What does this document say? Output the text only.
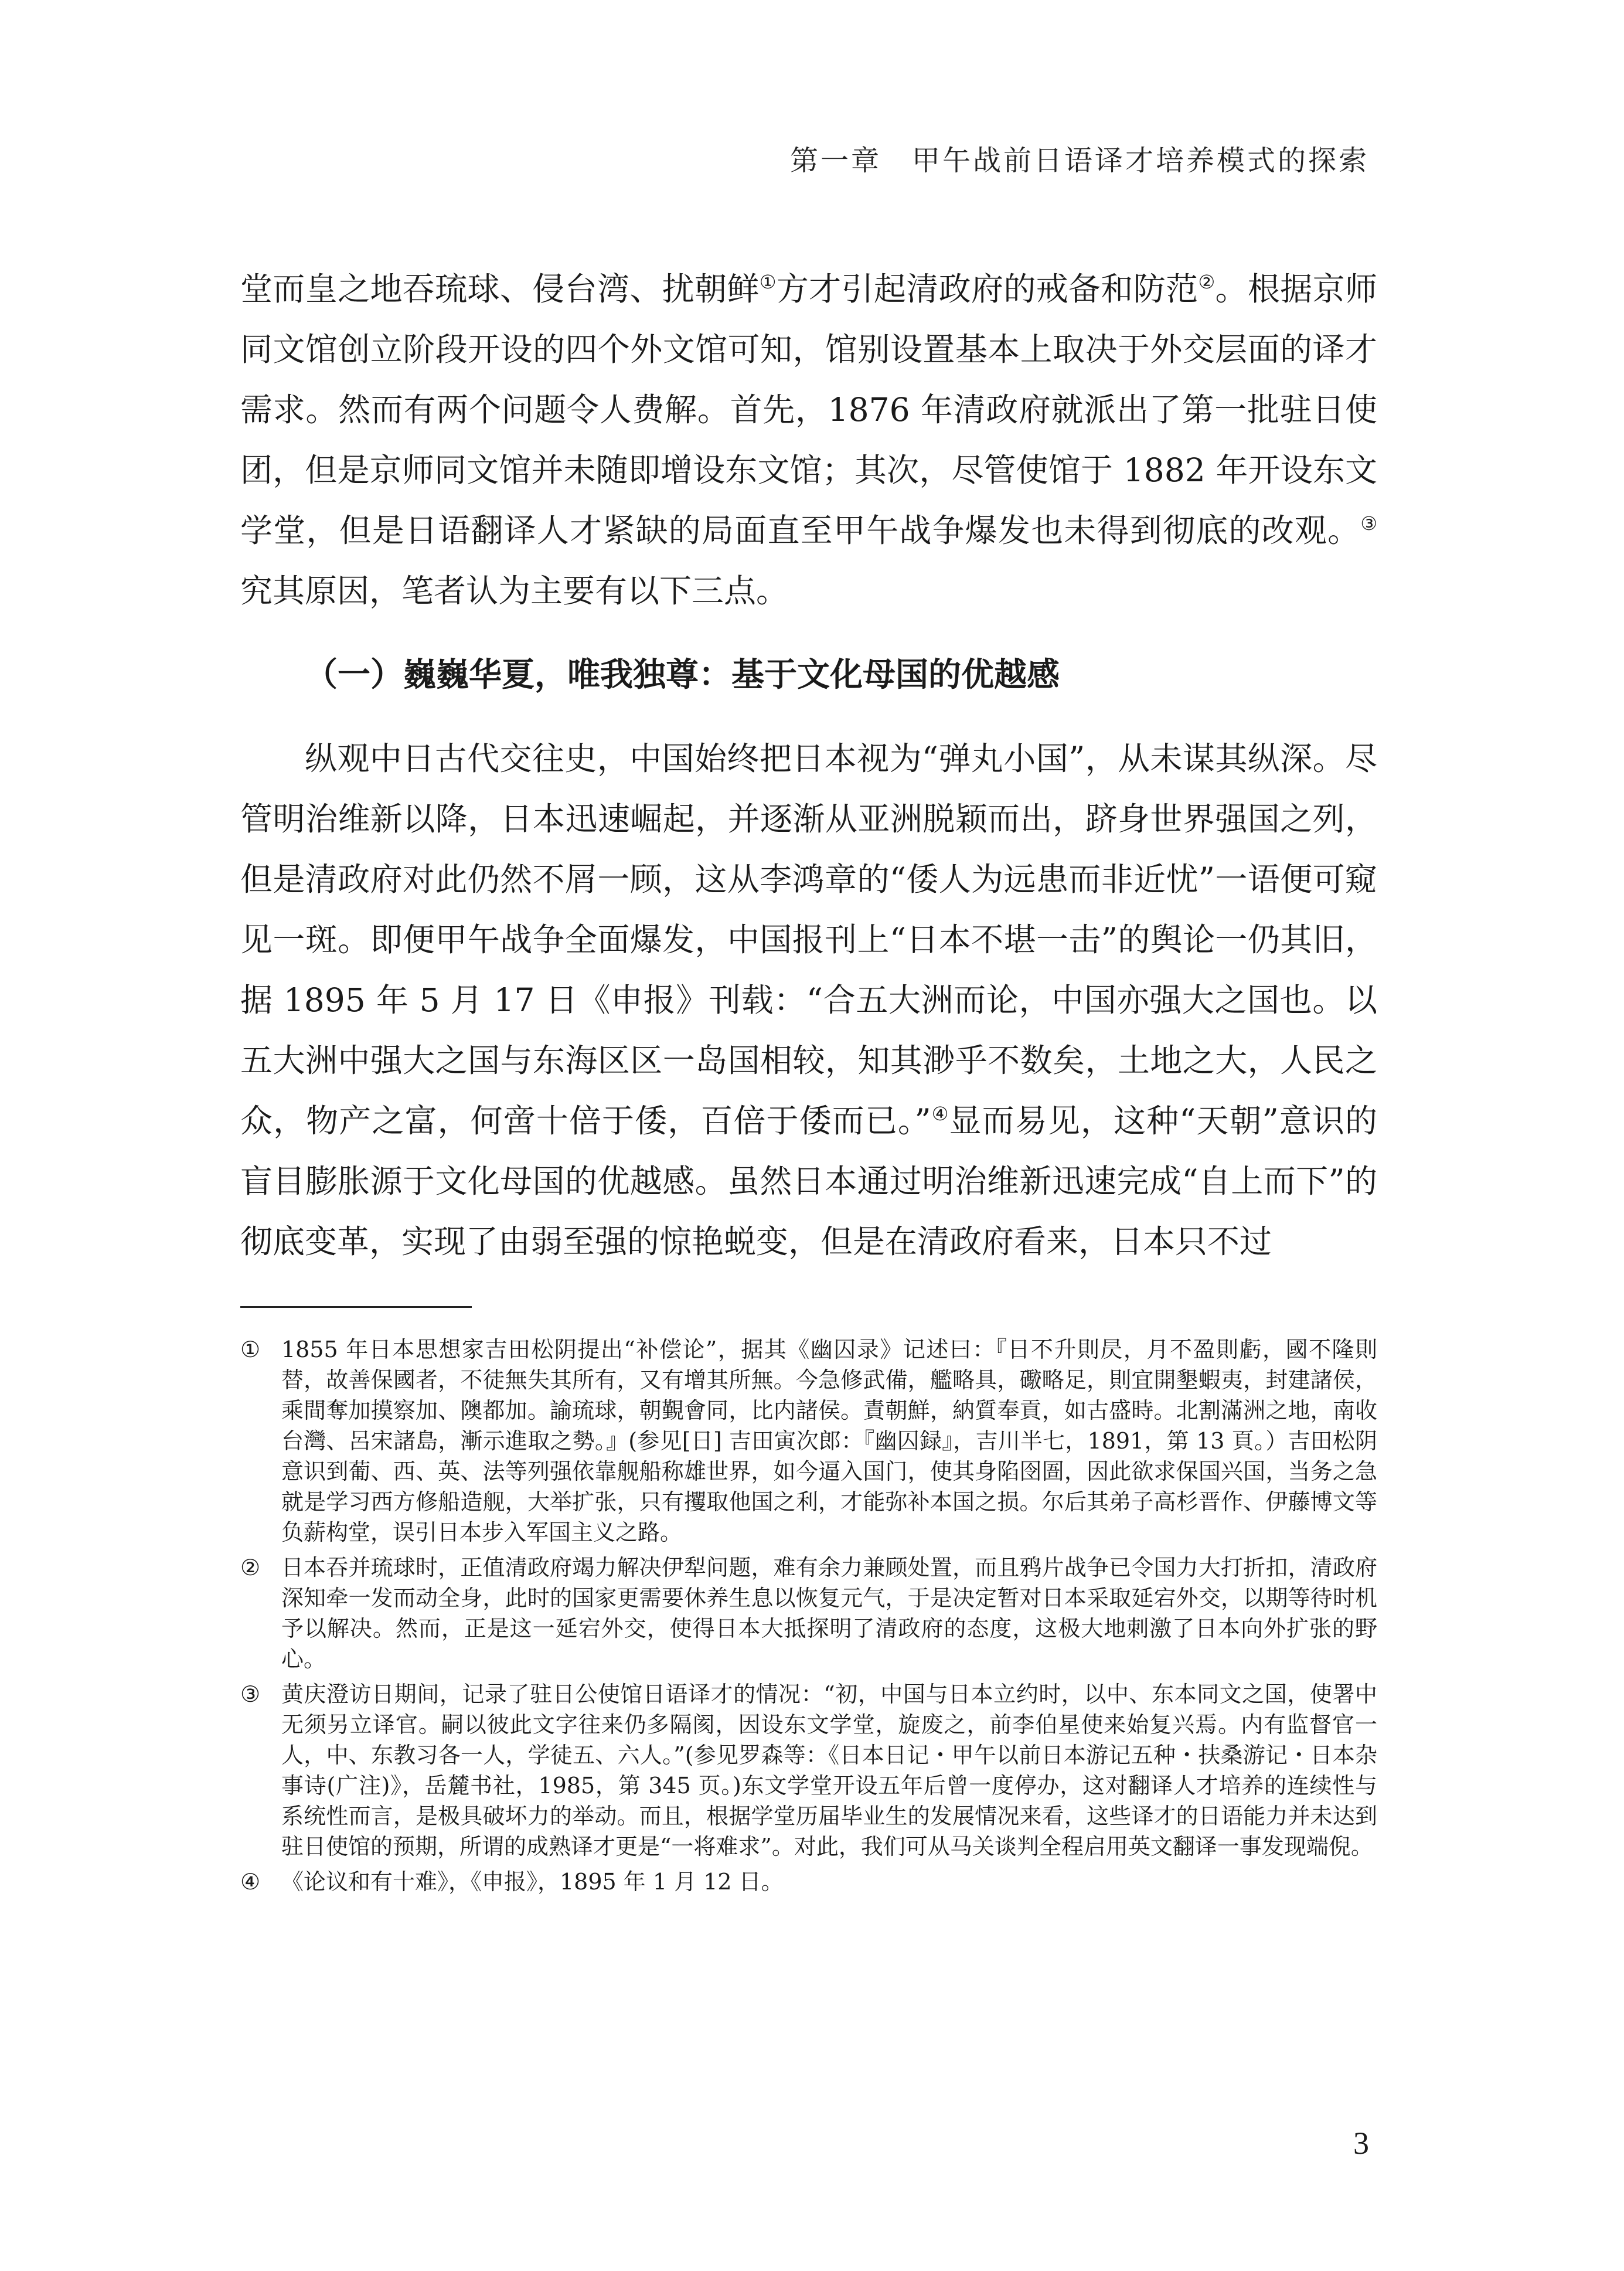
第一章　甲午战前日语译才培养模式的探索

堂而皇之地吞琉球、侵台湾、扰朝鲜①方才引起清政府的戒备和防范②。根据京师同文馆创立阶段开设的四个外文馆可知，馆别设置基本上取决于外交层面的译才需求。然而有两个问题令人费解。首先，1876 年清政府就派出了第一批驻日使团，但是京师同文馆并未随即增设东文馆；其次，尽管使馆于 1882 年开设东文学堂，但是日语翻译人才紧缺的局面直至甲午战争爆发也未得到彻底的改观。③ 究其原因，笔者认为主要有以下三点。

（一）巍巍华夏，唯我独尊：基于文化母国的优越感

纵观中日古代交往史，中国始终把日本视为“弹丸小国”，从未谋其纵深。尽管明治维新以降，日本迅速崛起，并逐渐从亚洲脱颖而出，跻身世界强国之列，但是清政府对此仍然不屑一顾，这从李鸿章的“倭人为远患而非近忧”一语便可窥见一斑。即便甲午战争全面爆发，中国报刊上“日本不堪一击”的舆论一仍其旧，据 1895 年 5 月 17 日《申报》刊载：“合五大洲而论，中国亦强大之国也。以五大洲中强大之国与东海区区一岛国相较，知其渺乎不数矣，土地之大，人民之众，物产之富，何啻十倍于倭，百倍于倭而已。”④显而易见，这种“天朝”意识的盲目膨胀源于文化母国的优越感。虽然日本通过明治维新迅速完成“自上而下”的彻底变革，实现了由弱至强的惊艳蜕变，但是在清政府看来，日本只不过

① 1855 年日本思想家吉田松阴提出“补偿论”，据其《幽囚录》记述曰：『日不升則昃，月不盈則虧，國不隆則替，故善保國者，不徒無失其所有，又有增其所無。今急修武備，艦略具，礮略足，則宜開墾蝦夷，封建諸侯，乘間奪加摸察加、隩都加。諭琉球，朝覲會同，比内諸侯。責朝鮮，納質奉貢，如古盛時。北割滿洲之地，南收台灣、呂宋諸島，漸示進取之勢。』(参见[日] 吉田寅次郎：『幽囚録』，吉川半七，1891，第 13 頁。）吉田松阴意识到葡、西、英、法等列强依靠舰船称雄世界，如今逼入国门，使其身陷囹圄，因此欲求保国兴国，当务之急就是学习西方修船造舰，大举扩张，只有攫取他国之利，才能弥补本国之损。尔后其弟子高杉晋作、伊藤博文等负薪构堂，误引日本步入军国主义之路。
② 日本吞并琉球时，正值清政府竭力解决伊犁问题，难有余力兼顾处置，而且鸦片战争已令国力大打折扣，清政府深知牵一发而动全身，此时的国家更需要休养生息以恢复元气，于是决定暂对日本采取延宕外交，以期等待时机予以解决。然而，正是这一延宕外交，使得日本大抵探明了清政府的态度，这极大地刺激了日本向外扩张的野心。
③ 黄庆澄访日期间，记录了驻日公使馆日语译才的情况：“初，中国与日本立约时，以中、东本同文之国，使署中无须另立译官。嗣以彼此文字往来仍多隔阂，因设东文学堂，旋废之，前李伯星使来始复兴焉。内有监督官一人，中、东教习各一人，学徒五、六人。”(参见罗森等：《日本日记・甲午以前日本游记五种・扶桑游记・日本杂事诗(广注)》，岳麓书社，1985，第 345 页。)东文学堂开设五年后曾一度停办，这对翻译人才培养的连续性与系统性而言，是极具破坏力的举动。而且，根据学堂历届毕业生的发展情况来看，这些译才的日语能力并未达到驻日使馆的预期，所谓的成熟译才更是“一将难求”。对此，我们可从马关谈判全程启用英文翻译一事发现端倪。
④ 《论议和有十难》，《申报》，1895 年 1 月 12 日。
3
